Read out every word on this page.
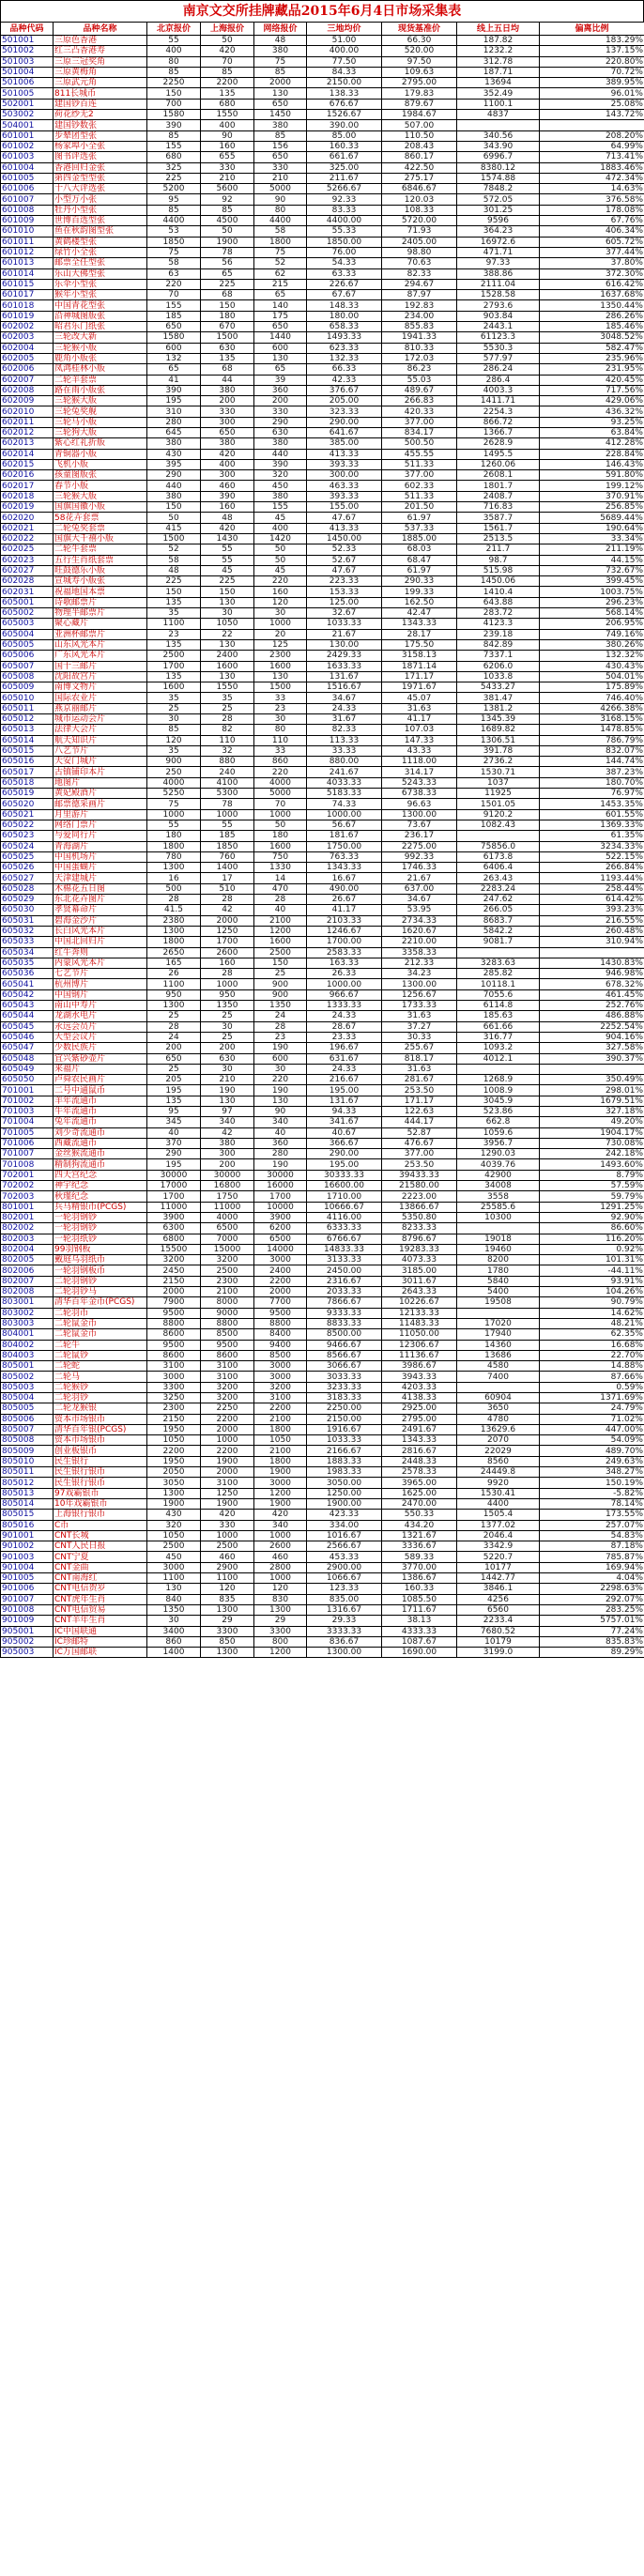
南京文交所挂牌藏品2015年6月4日市场采集表
品种代码	品种名称	北京报价	上海报价	网络报价	三地均价	现货基准价	线上五日均	偏离比例
501001	三原色香港	55	50	48	51.00	66.30	187.82	183.29%
501002	红三凸香港寿	400	420	380	400.00	520.00	1232.2	137.15%
501003	三原三冠奖角	80	70	75	77.50	97.50	312.78	220.80%
501004	三原黄梅角	85	85	85	84.33	109.63	187.71	70.72%
501006	三原武元角	2250	2200	2000	2150.00	2795.00	13694	389.95%
501005	811长城币	150	135	130	138.33	179.83	352.49	96.01%
502001	建国钞百连	700	680	650	676.67	879.67	1100.1	25.08%
503002	荷花纱无2	1580	1550	1450	1526.67	1984.67	4837	143.72%
504001	建国钞数张	390	400	380	390.00	507.00		
601001	步辇团型张	85	90	85	85.00	110.50	340.56	208.20%
601002	杨家埠小全张	155	160	156	160.33	208.43	343.90	64.99%
601003	图书评选张	680	655	650	661.67	860.17	6996.7	713.41%
601004	香港回归金张	325	330	330	325.00	422.50	8380.12	1883.46%
601005	第四金型型张	225	210	210	211.67	275.17	1574.88	472.34%
601006	十八大评选张	5200	5600	5000	5266.67	6846.67	7848.2	14.63%
601007	小型万小张	95	92	90	92.33	120.03	572.05	376.58%
601008	牡丹小型张	85	85	80	83.33	108.33	301.25	178.08%
601009	世博百选型张	4400	4500	4400	4400.00	5720.00	9596	67.76%
601010	鱼在秋韵图型张	53	50	58	55.33	71.93	364.23	406.34%
601011	黄鹤楼型张	1850	1900	1800	1850.00	2405.00	16972.6	605.72%
601012	绿竹小全张	75	78	75	76.00	98.80	471.71	377.44%
601013	邮票全任型张	58	56	52	54.33	70.63	97.33	37.80%
601014	乐山大佛型张	63	65	62	63.33	82.33	388.86	372.30%
601015	乐伞小型张	220	225	215	226.67	294.67	2111.04	616.42%
601017	猴年小型张	70	68	65	67.67	87.97	1528.58	1637.68%
601018	中国青花型张	155	150	140	148.33	192.83	2793.6	1350.44%
601019	沿神城图版张	185	180	175	180.00	234.00	903.84	286.26%
602002	昭君乐门纸张	650	670	650	658.33	855.83	2443.1	185.46%
602003	三轮改大新	1580	1500	1440	1493.33	1941.33	61123.3	3048.52%
602004	三轮猴小版	600	630	600	623.33	810.33	5530.3	582.47%
602005	鹿角小版张	132	135	130	132.33	172.03	577.97	235.96%
602006	凤鸿桂林小版	65	68	65	66.33	86.23	286.24	231.95%
602007	二轮羊套票	41	44	39	42.33	55.03	286.4	420.45%
602008	路在雨小版张	390	380	360	376.67	489.67	4003.3	717.56%
602009	三轮猴大版	195	200	200	205.00	266.83	1411.71	429.06%
602010	三轮兔奖舰	310	330	330	323.33	420.33	2254.3	436.32%
602011	三轮马小版	280	300	290	290.00	377.00	866.72	93.25%
602012	三轮狗大版	645	650	630	641.67	834.17	1366.7	63.84%
602013	紫心红礼折版	380	380	380	385.00	500.50	2628.9	412.28%
602014	青铜器小版	430	420	440	413.33	455.55	1495.5	228.84%
602015	飞机小版	395	400	390	393.33	511.33	1260.06	146.43%
602016	孩童图版张	290	300	320	300.00	377.00	2608.1	591.80%
602017	春节小版	440	460	450	463.33	602.33	1801.7	199.12%
602018	三轮猴大版	380	390	380	393.33	511.33	2408.7	370.91%
602019	国旗国徽小版	150	160	155	155.00	201.50	716.83	256.85%
602020	58花卉套票	50	48	45	47.67	61.97	3587.7	5689.44%
602021	二轮兔奖套票	415	420	400	413.33	537.33	1561.7	190.64%
602022	国旗大千禧小版	1500	1430	1420	1450.00	1885.00	2513.5	33.34%
602025	二轮牛套票	52	55	50	52.33	68.03	211.7	211.19%
602023	五行生肖纸套票	58	55	50	52.67	68.47	98.7	44.15%
602027	旺鼓德乐小版	48	45	45	47.67	61.97	515.98	732.67%
602028	宣城寿小版张	225	225	220	223.33	290.33	1450.06	399.45%
602031	祝福地国本票	150	150	160	153.33	199.33	1410.4	1003.75%
605001	诗歌邮票片	135	130	120	125.00	162.50	643.88	296.23%
605002	物理半邮票片	35	30	30	32.67	42.47	283.72	568.14%
605003	聚心藏片	1100	1050	1000	1033.33	1343.33	4123.3	206.95%
605004	亚洲杯邮票片	23	22	20	21.67	28.17	239.18	749.16%
605005	山东风光本片	135	130	125	130.00	175.50	842.89	380.26%
605006	广东风光本片	2500	2400	2300	2429.33	3158.13	7337.1	132.32%
605007	国十三邮片	1700	1600	1600	1633.33	1871.14	6206.0	430.43%
605008	沈阳故宫片	135	130	130	131.67	171.17	1033.8	504.01%
605009	南博文物片	1600	1550	1500	1516.67	1971.67	5433.27	175.89%
605010	国际农业片	35	35	33	34.67	45.07	381.47	746.40%
605011	燕京丽邮片	25	25	23	24.33	31.63	1381.2	4266.38%
605012	城市运动会片	30	28	30	31.67	41.17	1345.39	3168.15%
605013	法律大会片	85	82	80	82.33	107.03	1689.82	1478.85%
605014	航天知识片	120	110	110	113.33	147.33	1306.51	786.79%
605015	八艺节片	35	32	33	33.33	43.33	391.78	832.07%
605016	天安门城片	900	880	860	880.00	1118.00	2736.2	144.74%
605017	古镇铺印本片	250	240	220	241.67	314.17	1530.71	387.23%
605018	地图片	4000	4100	4000	4033.33	5243.33	1037	180.70%
605019	黄妃殿酒片	5250	5300	5000	5183.33	6738.33	11925	76.97%
605020	邮票德采画片	75	78	70	74.33	96.63	1501.05	1453.35%
605021	月里游片	1000	1000	1000	1000.00	1300.00	9120.2	601.55%
605022	网络门票片	55	55	50	56.67	73.67	1082.43	1369.33%
605023	与爱同行片	180	185	180	181.67	236.17		61.35%
605024	青海湖片	1800	1850	1600	1750.00	2275.00	75856.0	3234.33%
605025	中国机场片	780	760	750	763.33	992.33	6173.8	522.15%
605026	中国蛋蝴片	1300	1400	1330	1343.33	1746.33	6406.4	266.84%
605027	天津建城片	16	17	14	16.67	21.67	263.43	1193.44%
605028	木棉花五日图	500	510	470	490.00	637.00	2283.24	258.44%
605029	东北花卉图片	28	28	28	26.67	34.67	247.62	614.42%
605030	孝贤幕命片	41.5	42	40	41.17	53.95	266.05	393.23%
605031	碧海金沙片	2380	2000	2100	2103.33	2734.33	8683.7	216.55%
605032	长白风光本片	1300	1250	1200	1246.67	1620.67	5842.2	260.48%
605033	中国北回归片	1800	1700	1600	1700.00	2210.00	9081.7	310.94%
605034	红牛奔则	2650	2600	2500	2583.33	3358.33		
605035	内蒙风光本片	165	160	150	163.33	212.33	3283.63	1430.83%
605036	七艺节片	26	28	25	26.33	34.23	285.82	946.98%
605041	杭州博片	1100	1000	900	1000.00	1300.00	10118.1	678.32%
605042	中国钢片	950	950	900	966.67	1256.67	7055.6	461.45%
605043	南山中寿片	1300	1350	1350	1333.33	1733.33	6114.8	252.76%
605044	龙湖水电片	25	25	24	24.33	31.63	185.63	486.88%
605045	永远会员片	28	30	28	28.67	37.27	661.66	2252.54%
605046	大型会议片	24	25	23	23.33	30.33	316.77	904.16%
605047	少数民族片	200	200	190	196.67	255.67	1093.2	327.58%
605048	宜兴紫砂壶片	650	630	600	631.67	818.17	4012.1	390.37%
605049	来福片	25	30	30	24.33	31.63		
605050	卢舜农民画片	205	210	220	216.67	281.67	1268.9	350.49%
701001	二号中通鼠币	195	190	190	195.00	253.50	1008.9	298.01%
701002	羊年流通币	135	130	130	131.67	171.17	3045.9	1679.51%
701003	牛年流通币	95	97	90	94.33	122.63	523.86	327.18%
701004	兔年流通币	345	340	340	341.67	444.17	662.8	49.20%
701005	刘少奇流通币	40	42	40	40.67	52.87	1059.6	1904.17%
701006	西藏流通币	370	380	360	366.67	476.67	3956.7	730.08%
701007	金丝猴流通币	290	300	280	290.00	377.00	1290.03	242.18%
701008	精制狗流通币	195	200	190	195.00	253.50	4039.76	1493.60%
702001	四天宫纪念	30000	30000	30000	30333.33	39433.33	42900	8.79%
702002	神宇纪念	17000	16800	16000	16600.00	21580.00	34008	57.59%
702003	秋瑾纪念	1700	1750	1700	1710.00	2223.00	3558	59.79%
801001	兵马精银币(PCGS)	11000	11000	10000	10666.67	13866.67	25585.6	1291.25%
802001	一轮羽钢钞	3900	4000	3900	4116.00	5350.80	10300	92.90%
802002	一轮羽钢钞	6300	6500	6200	6333.33	8233.33		86.60%
802003	一轮羽纸钞	6800	7000	6500	6766.67	8796.67	19018	116.20%
802004	99羽钢板	15500	15000	14000	14833.33	19283.33	19460	0.92%
802005	戴庭乌羽纸币	3200	3200	3000	3133.33	4073.33	8200	101.31%
802006	一轮羽钢板币	2450	2500	2400	2450.00	3185.00	1780	-44.11%
802007	二轮羽钢钞	2150	2300	2200	2316.67	3011.67	5840	93.91%
802008	二轮羽钞马	2000	2100	2000	2033.33	2643.33	5400	104.26%
803001	清华百年金币(PCGS)	7900	8000	7700	7866.67	10226.67	19508	90.79%
803002	二轮羽币	9500	9000	9500	9333.33	12133.33		14.62%
803003	二轮鼠金币	8800	8800	8800	8833.33	11483.33	17020	48.21%
804001	二轮鼠金币	8600	8500	8400	8500.00	11050.00	17940	62.35%
804002	二轮牛	9500	9500	9400	9466.67	12306.67	14360	16.68%
804003	二轮鼠钞	8600	8600	8500	8566.67	11136.67	13686	22.70%
805001	二轮蛇	3100	3100	3000	3066.67	3986.67	4580	14.88%
805002	二轮马	3000	3100	3000	3033.33	3943.33	7400	87.66%
805003	二轮猴钞	3300	3200	3200	3233.33	4203.33		0.59%
805004	二轮羽钞	3250	3200	3100	3183.33	4138.33	60904	1371.69%
805005	二轮龙猴银	2300	2250	2200	2250.00	2925.00	3650	24.79%
805006	资本市场银币	2150	2200	2100	2150.00	2795.00	4780	71.02%
805007	清华百年银(PCGS)	1950	2000	1800	1916.67	2491.67	13629.6	447.00%
805008	资本市场银币	1050	1000	1050	1033.33	1343.33	2070	54.09%
805009	创业板银币	2200	2200	2100	2166.67	2816.67	22029	489.70%
805010	民生银行	1950	1900	1800	1883.33	2448.33	8560	249.63%
805011	民生银行银币	2050	2000	1900	1983.33	2578.33	24449.8	348.27%
805012	民生银行银币	3050	3100	3000	3050.00	3965.00	9920	150.19%
805013	97戏霸银币	1300	1250	1200	1250.00	1625.00	1530.41	-5.82%
805014	10年戏霸银币	1900	1900	1900	1900.00	2470.00	4400	78.14%
805015	上海银行银币	430	420	420	423.33	550.33	1505.4	173.55%
805016	C币	320	330	340	334.00	434.20	1377.02	257.07%
901001	CNT长城	1050	1000	1000	1016.67	1321.67	2046.4	54.83%
901002	CNT人民日报	2500	2500	2600	2566.67	3336.67	3342.9	87.18%
901003	CNT宁夏	450	460	460	453.33	589.33	5220.7	785.87%
901004	CNT金曲	3000	2900	2800	2900.00	3770.00	10177	169.94%
901005	CNT南海红	1100	1100	1000	1066.67	1386.67	1442.77	4.04%
901006	CNT电信贺岁	130	120	120	123.33	160.33	3846.1	2298.63%
901007	CNT虎年生肖	840	835	830	835.00	1085.50	4256	292.07%
901008	CNT电信贸易	1350	1300	1300	1316.67	1711.67	6560	283.25%
901009	CNT羊年生肖	30	29	29	29.33	38.13	2233.4	5757.01%
905001	IC中国联通	3400	3300	3300	3333.33	4333.33	7680.52	77.24%
905002	IC珍邮特	860	850	800	836.67	1087.67	10179	835.83%
905003	IC万国邮联	1400	1300	1200	1300.00	1690.00	3199.0	89.29%
